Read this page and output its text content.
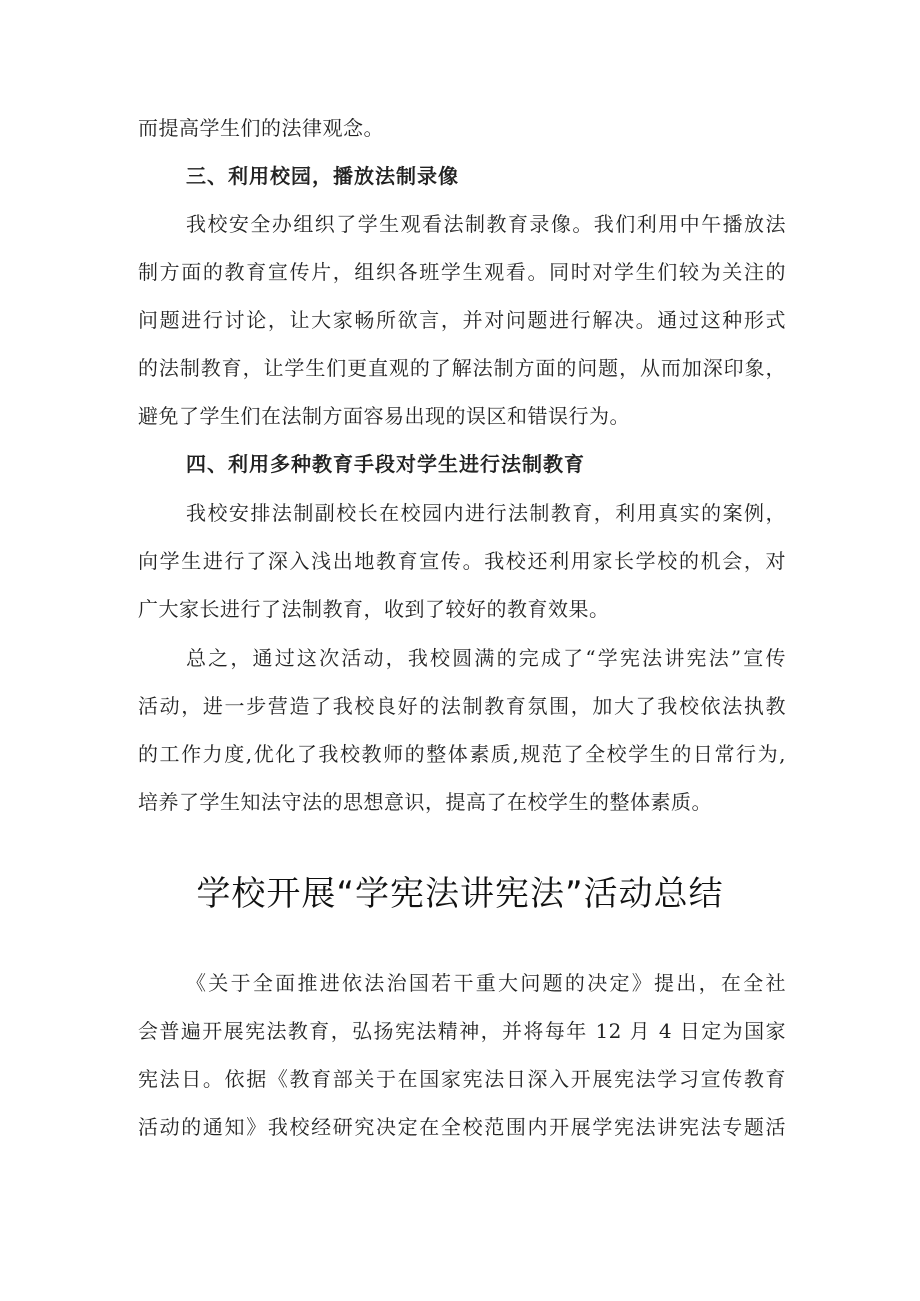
而提高学生们的法律观念。
三、利用校园，播放法制录像
我校安全办组织了学生观看法制教育录像。我们利用中午播放法
制方面的教育宣传片，组织各班学生观看。同时对学生们较为关注的
问题进行讨论，让大家畅所欲言，并对问题进行解决。通过这种形式
的法制教育，让学生们更直观的了解法制方面的问题，从而加深印象，
避免了学生们在法制方面容易出现的误区和错误行为。
四、利用多种教育手段对学生进行法制教育
我校安排法制副校长在校园内进行法制教育，利用真实的案例，
向学生进行了深入浅出地教育宣传。我校还利用家长学校的机会，对
广大家长进行了法制教育，收到了较好的教育效果。
总之，通过这次活动，我校圆满的完成了“学宪法讲宪法”宣传
活动，进一步营造了我校良好的法制教育氛围，加大了我校依法执教
的工作力度,优化了我校教师的整体素质,规范了全校学生的日常行为,
培养了学生知法守法的思想意识，提高了在校学生的整体素质。
学校开展“学宪法讲宪法”活动总结
《关于全面推进依法治国若干重大问题的决定》提出，在全社
会普遍开展宪法教育，弘扬宪法精神，并将每年 12 月 4 日定为国家
宪法日。依据《教育部关于在国家宪法日深入开展宪法学习宣传教育
活动的通知》我校经研究决定在全校范围内开展学宪法讲宪法专题活
